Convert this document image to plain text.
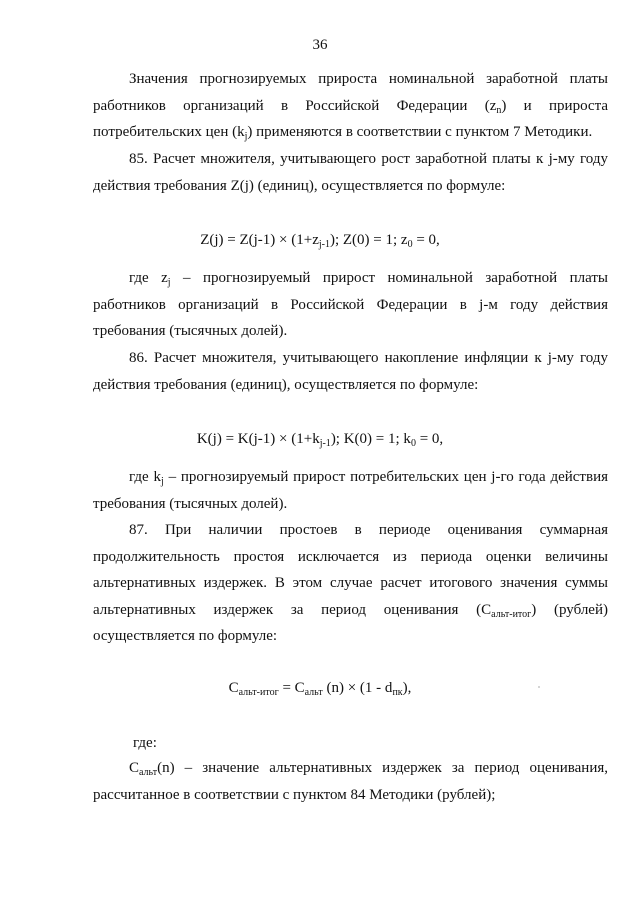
36

Значения прогнозируемых прироста номинальной заработной платы работников организаций в Российской Федерации $(z_n)$ и прироста потребительских цен $(k_j)$ применяются в соответствии с пунктом 7 Методики.

85. Расчет множителя, учитывающего рост заработной платы к j-му году действия требования Z(j) (единиц), осуществляется по формуле:

$Z(j) = Z(j-1) \times (1+z_{j-1})$; Z(0) = 1; $z_0 = 0$,

где $z_j$ – прогнозируемый прирост номинальной заработной платы работников организаций в Российской Федерации в j-м году действия требования (тысячных долей).

86. Расчет множителя, учитывающего накопление инфляции к j-му году действия требования (единиц), осуществляется по формуле:

$K(j) = K(j-1) \times (1+k_{j-1})$; K(0) = 1; $k_0 = 0$,

где $k_j$ – прогнозируемый прирост потребительских цен j-го года действия требования (тысячных долей).

87. При наличии простоев в периоде оценивания суммарная продолжительность простоя исключается из периода оценки величины альтернативных издержек. В этом случае расчет итогового значения суммы альтернативных издержек за период оценивания $(C_{альт-итог})$ (рублей) осуществляется по формуле:

$C_{альт-итог} = C_{альт}$ $(n) \times (1 - d_{пк})$,
где:

$C_{альт}(n)$ – значение альтернативных издержек за период оценивания, рассчитанное в соответствии с пунктом 84 Методики (рублей);
